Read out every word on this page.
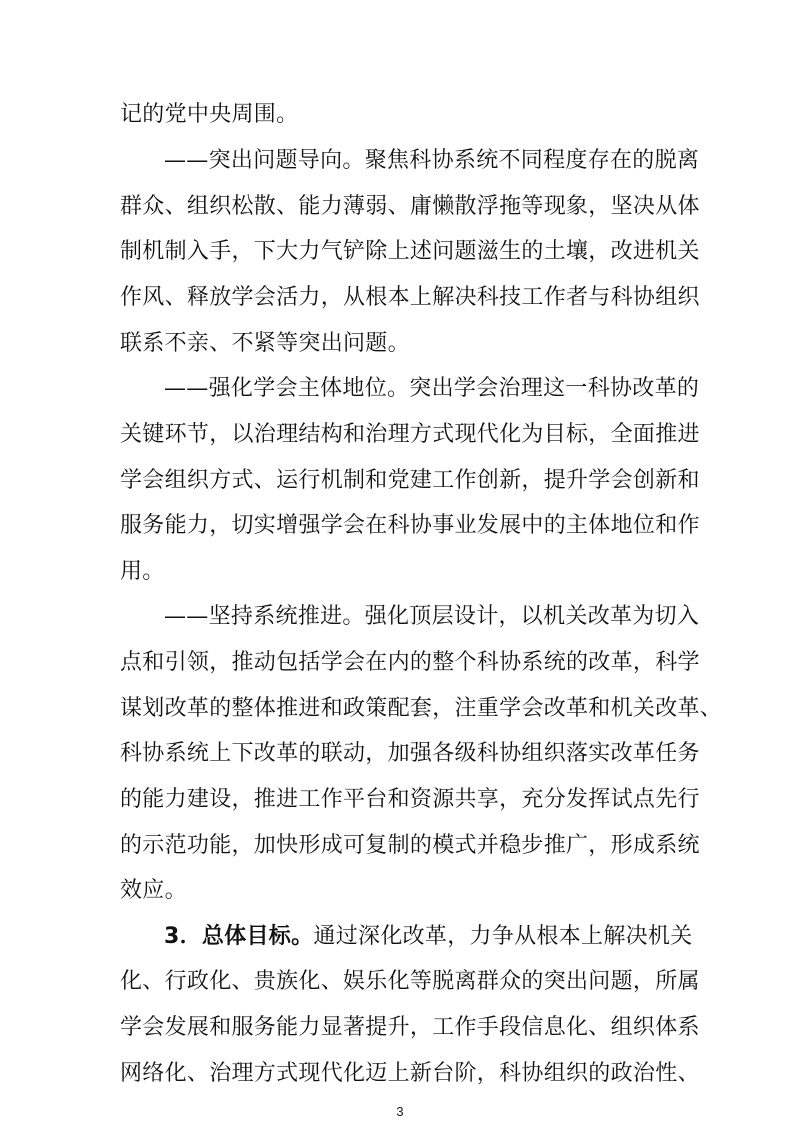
记的党中央周围。
——突出问题导向。聚焦科协系统不同程度存在的脱离
群众、组织松散、能力薄弱、庸懒散浮拖等现象，坚决从体
制机制入手，下大力气铲除上述问题滋生的土壤，改进机关
作风、释放学会活力，从根本上解决科技工作者与科协组织
联系不亲、不紧等突出问题。
——强化学会主体地位。突出学会治理这一科协改革的
关键环节，以治理结构和治理方式现代化为目标，全面推进
学会组织方式、运行机制和党建工作创新，提升学会创新和
服务能力，切实增强学会在科协事业发展中的主体地位和作
用。
——坚持系统推进。强化顶层设计，以机关改革为切入
点和引领，推动包括学会在内的整个科协系统的改革，科学
谋划改革的整体推进和政策配套，注重学会改革和机关改革、
科协系统上下改革的联动，加强各级科协组织落实改革任务
的能力建设，推进工作平台和资源共享，充分发挥试点先行
的示范功能，加快形成可复制的模式并稳步推广，形成系统
效应。
3．总体目标。通过深化改革，力争从根本上解决机关
化、行政化、贵族化、娱乐化等脱离群众的突出问题，所属
学会发展和服务能力显著提升，工作手段信息化、组织体系
网络化、治理方式现代化迈上新台阶，科协组织的政治性、
3
